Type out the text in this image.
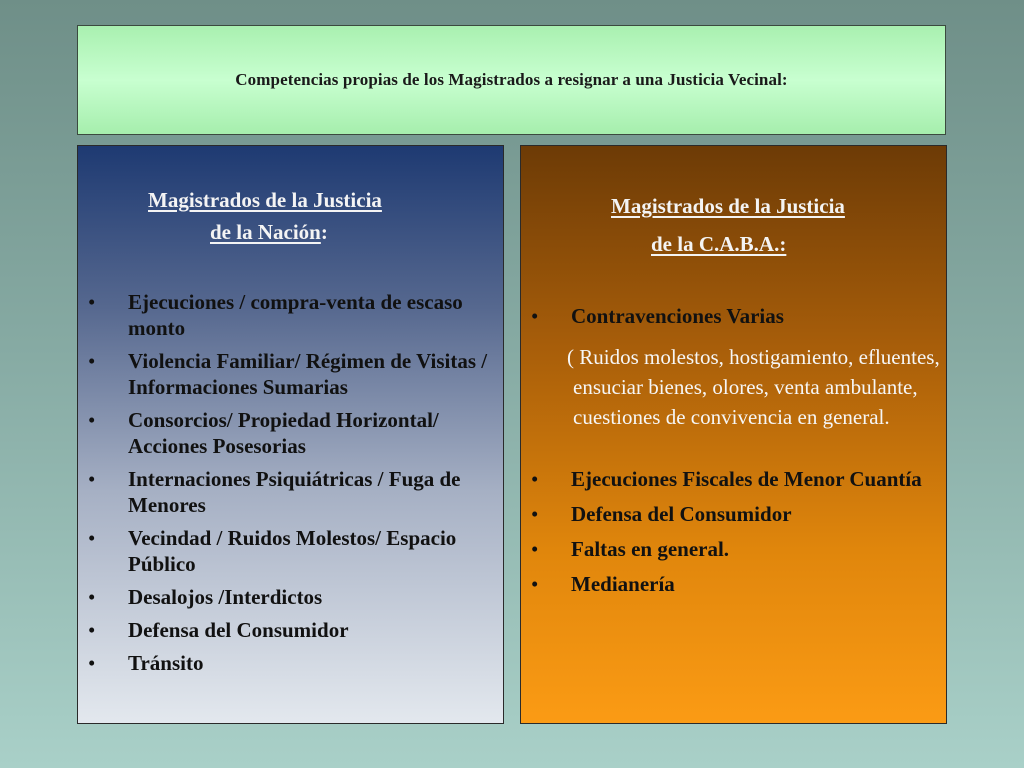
Competencias propias de los Magistrados a resignar a una Justicia Vecinal:
Magistrados de la Justicia
de la Nación:
• Ejecuciones / compra-venta de escaso monto
• Violencia Familiar/ Régimen de Visitas / Informaciones Sumarias
• Consorcios/ Propiedad Horizontal/ Acciones Posesorias
• Internaciones Psiquiátricas / Fuga de Menores
• Vecindad / Ruidos Molestos/ Espacio Público
• Desalojos /Interdictos
• Defensa del Consumidor
• Tránsito
Magistrados de la Justicia
de la C.A.B.A.:
• Contravenciones Varias
( Ruidos molestos, hostigamiento, efluentes, ensuciar bienes, olores, venta ambulante, cuestiones de convivencia en general.
• Ejecuciones Fiscales de Menor Cuantía
• Defensa del Consumidor
• Faltas en general.
• Medianería
